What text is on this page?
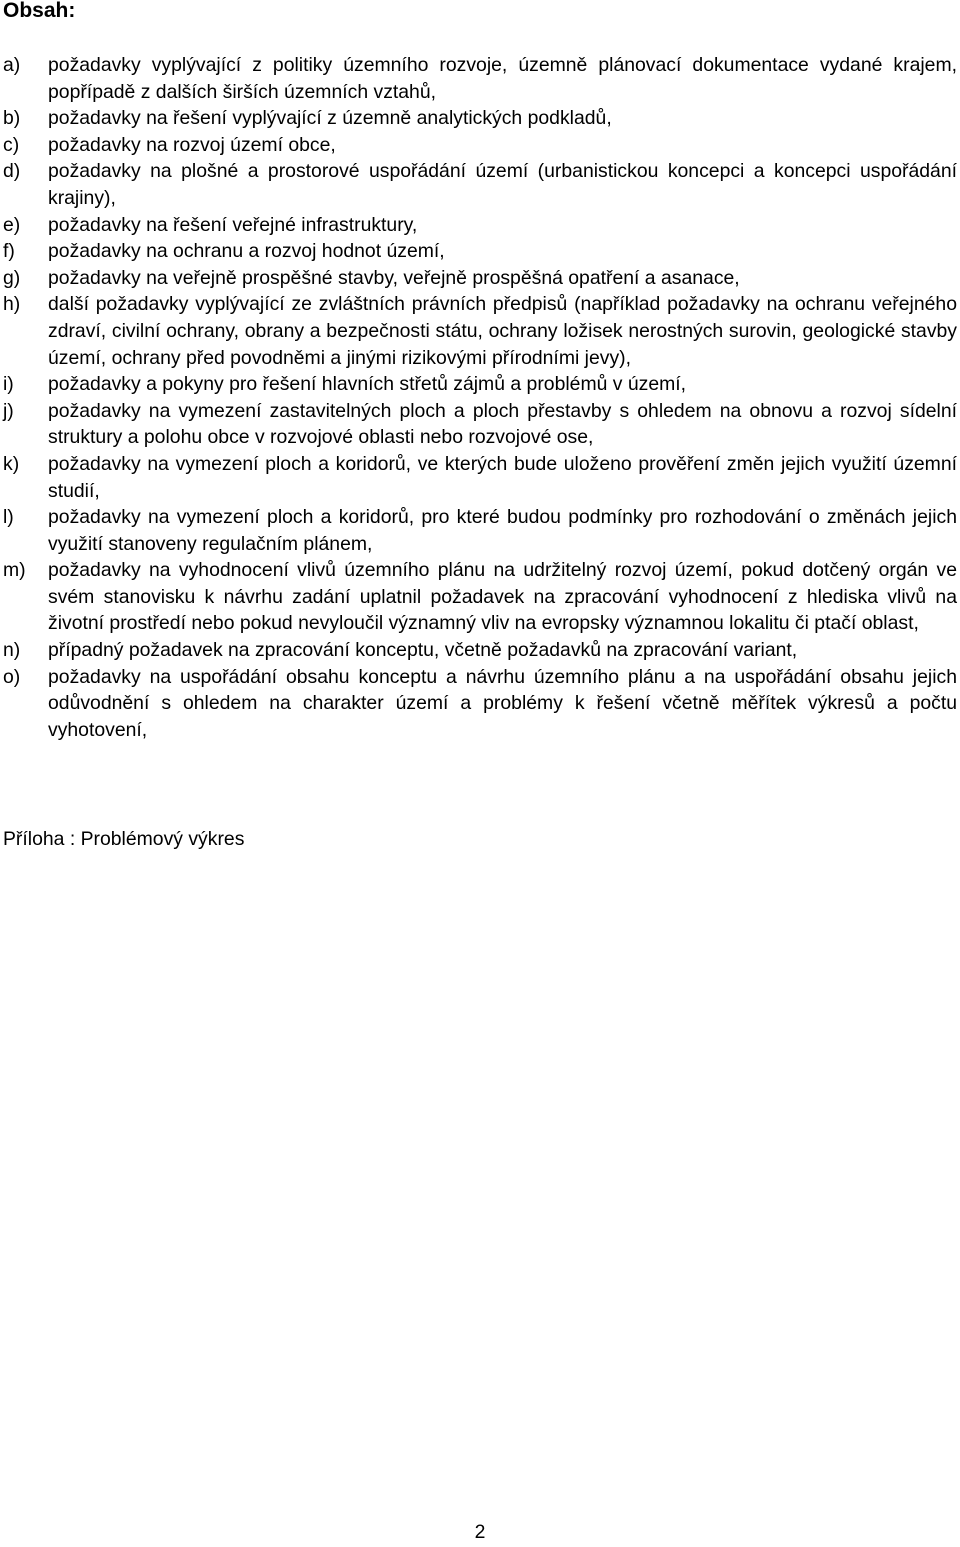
Obsah:
a)	požadavky vyplývající z politiky územního rozvoje, územně plánovací dokumentace vydané krajem, popřípadě z dalších širších územních vztahů,
b)	požadavky na řešení vyplývající z územně analytických podkladů,
c)	požadavky na rozvoj území obce,
d)	požadavky na plošné a prostorové uspořádání území (urbanistickou koncepci a koncepci uspořádání krajiny),
e)	požadavky na řešení veřejné infrastruktury,
f)	požadavky na ochranu a rozvoj hodnot území,
g)	požadavky na veřejně prospěšné stavby, veřejně prospěšná opatření a asanace,
h)	další požadavky vyplývající ze zvláštních právních předpisů (například požadavky na ochranu veřejného zdraví, civilní ochrany, obrany a bezpečnosti státu, ochrany ložisek nerostných surovin, geologické stavby území, ochrany před povodněmi a jinými rizikovými přírodními jevy),
i)	požadavky a pokyny pro řešení hlavních střetů zájmů a problémů v území,
j)	požadavky na vymezení zastavitelných ploch a ploch přestavby s ohledem na obnovu a rozvoj sídelní struktury a polohu obce v rozvojové oblasti nebo rozvojové ose,
k)	požadavky na vymezení ploch a koridorů, ve kterých bude uloženo prověření změn jejich využití územní studií,
l)	požadavky na vymezení ploch a koridorů, pro které budou podmínky pro rozhodování o změnách jejich využití stanoveny regulačním plánem,
m)	požadavky na vyhodnocení vlivů územního plánu na udržitelný rozvoj území, pokud dotčený orgán ve svém stanovisku k návrhu zadání uplatnil požadavek na zpracování vyhodnocení z hlediska vlivů na životní prostředí nebo pokud nevyloučil významný vliv na evropsky významnou lokalitu či ptačí oblast,
n)	případný požadavek na zpracování konceptu, včetně požadavků na zpracování variant,
o)	požadavky na uspořádání obsahu konceptu a návrhu územního plánu a na uspořádání obsahu jejich odůvodnění s ohledem na charakter území a problémy k řešení včetně měřítek výkresů a počtu vyhotovení,

Příloha : Problémový výkres

2
